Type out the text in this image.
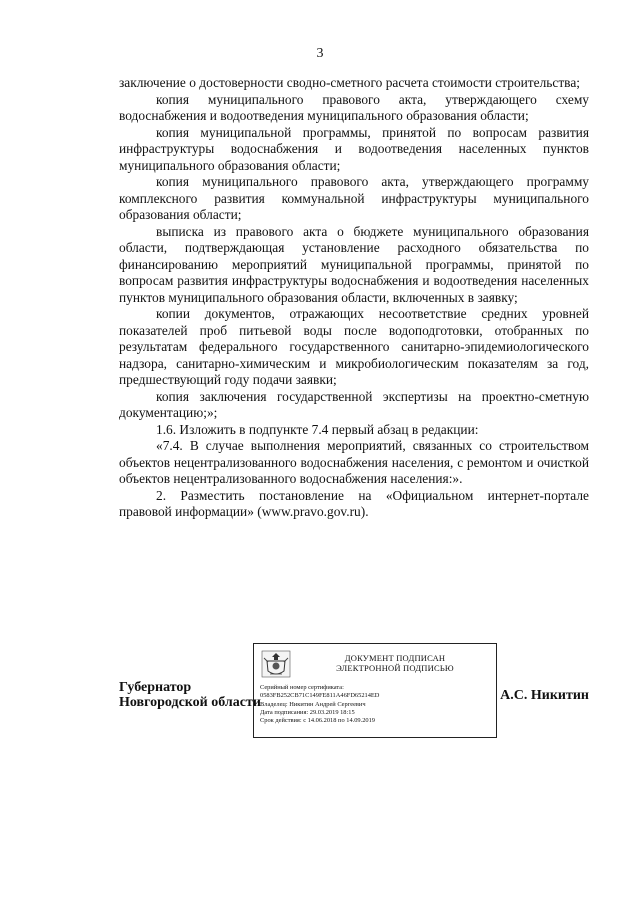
3

заключение о достоверности сводно-сметного расчета стоимости строительства;

копия муниципального правового акта, утверждающего схему водоснабжения и водоотведения муниципального образования области;

копия муниципальной программы, принятой по вопросам развития инфраструктуры водоснабжения и водоотведения населенных пунктов муниципального образования области;

копия муниципального правового акта, утверждающего программу комплексного развития коммунальной инфраструктуры муниципального образования области;

выписка из правового акта о бюджете муниципального образования области, подтверждающая установление расходного обязательства по финансированию мероприятий муниципальной программы, принятой по вопросам развития инфраструктуры водоснабжения и водоотведения населенных пунктов муниципального образования области, включенных в заявку;

копии документов, отражающих несоответствие средних уровней показателей проб питьевой воды после водоподготовки, отобранных по результатам федерального государственного санитарно-эпидемиологического надзора, санитарно-химическим и микробиологическим показателям за год, предшествующий году подачи заявки;

копия заключения государственной экспертизы на проектно-сметную документацию;»;

1.6. Изложить в подпункте 7.4 первый абзац в редакции:

«7.4. В случае выполнения мероприятий, связанных со строительством объектов нецентрализованного водоснабжения населения, с ремонтом и очисткой объектов нецентрализованного водоснабжения населения:».

2. Разместить постановление на «Официальном интернет-портале правовой информации» (www.pravo.gov.ru).

Губернатор
Новгородской области
ДОКУМЕНТ ПОДПИСАН
ЭЛЕКТРОННОЙ ПОДПИСЬЮ
Серийный номер сертификата:
0583FB252CB71C149FE811A46FD65214ED
Владелец: Никитин Андрей Сергеевич
Дата подписания: 29.03.2019 18:15
Срок действия: с 14.06.2018 по 14.09.2019
А.С. Никитин
